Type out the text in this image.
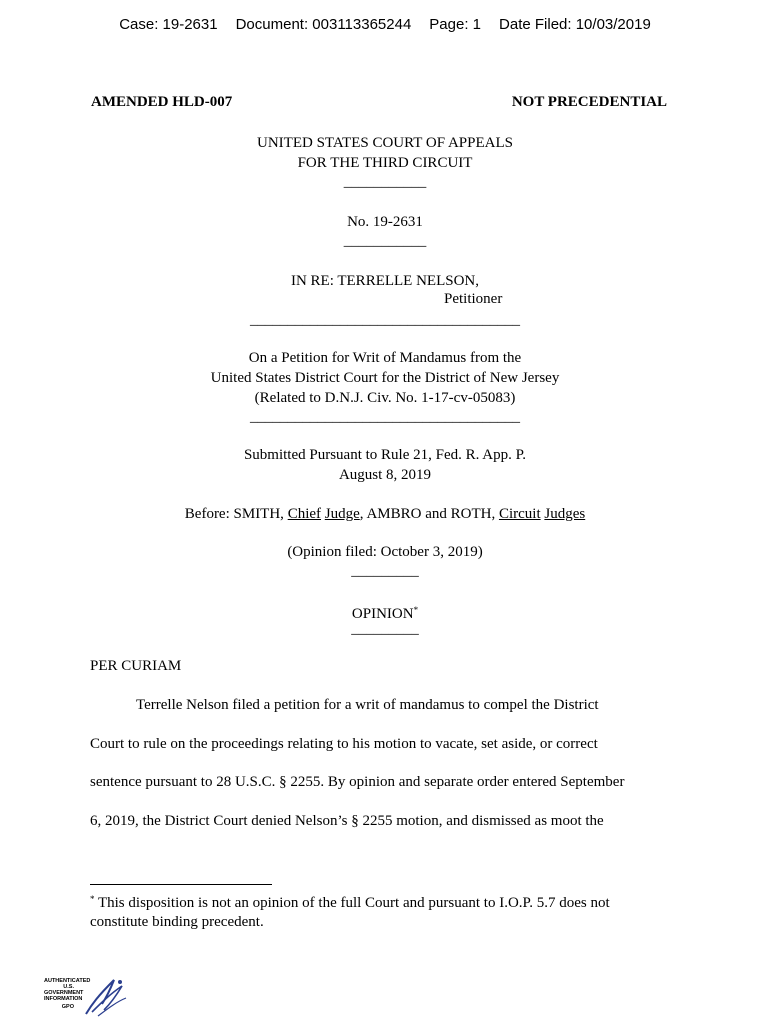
Case: 19-2631 Document: 003113365244 Page: 1 Date Filed: 10/03/2019
AMENDED HLD-007	NOT PRECEDENTIAL
UNITED STATES COURT OF APPEALS
FOR THE THIRD CIRCUIT
___________
No. 19-2631
___________
IN RE: TERRELLE NELSON,
Petitioner
____________________________________
On a Petition for Writ of Mandamus from the
United States District Court for the District of New Jersey
(Related to D.N.J. Civ. No. 1-17-cv-05083)
____________________________________
Submitted Pursuant to Rule 21, Fed. R. App. P.
August 8, 2019
Before: SMITH, Chief Judge, AMBRO and ROTH, Circuit Judges
(Opinion filed: October 3, 2019)
_________
OPINION*
_________
PER CURIAM
Terrelle Nelson filed a petition for a writ of mandamus to compel the District
Court to rule on the proceedings relating to his motion to vacate, set aside, or correct
sentence pursuant to 28 U.S.C. § 2255. By opinion and separate order entered September
6, 2019, the District Court denied Nelson’s § 2255 motion, and dismissed as moot the
* This disposition is not an opinion of the full Court and pursuant to I.O.P. 5.7 does not
constitute binding precedent.
AUTHENTICATED
U.S. GOVERNMENT
INFORMATION
GPO
